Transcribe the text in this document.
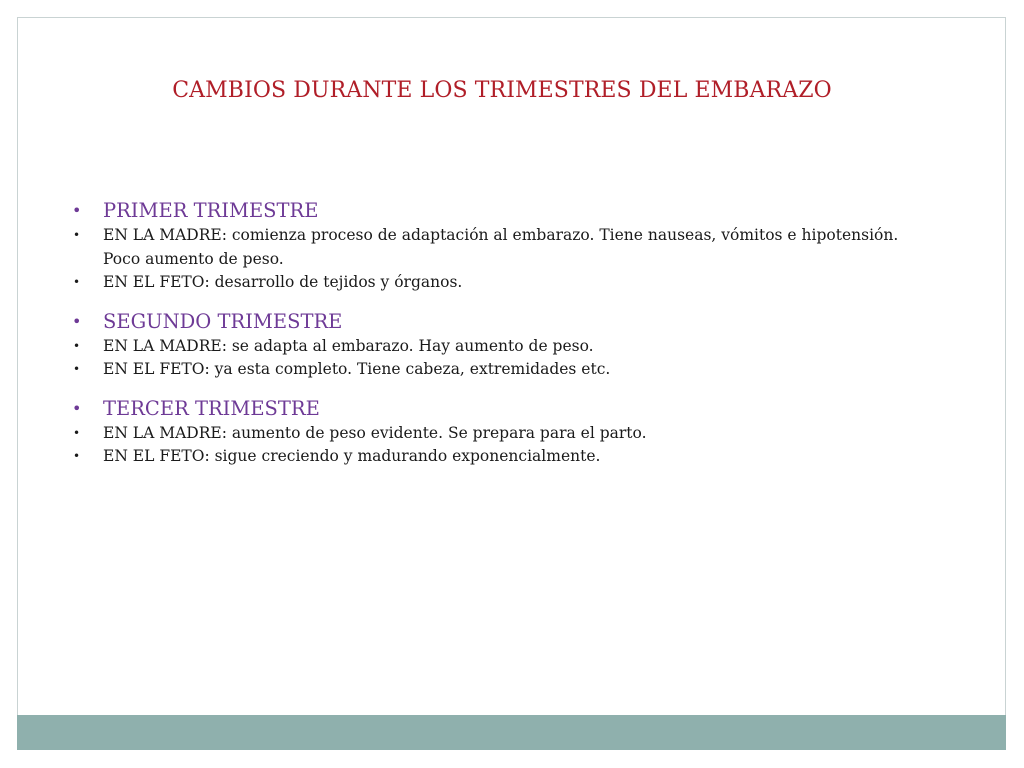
CAMBIOS DURANTE LOS TRIMESTRES DEL EMBARAZO
• PRIMER TRIMESTRE
• EN LA MADRE: comienza proceso de adaptación al embarazo. Tiene nauseas, vómitos e hipotensión. Poco aumento de peso.
• EN EL FETO: desarrollo de tejidos y órganos.
• SEGUNDO TRIMESTRE
• EN LA MADRE: se adapta al embarazo. Hay aumento de peso.
• EN EL FETO: ya esta completo. Tiene cabeza, extremidades etc.
• TERCER TRIMESTRE
• EN LA MADRE: aumento de peso evidente. Se prepara para el parto.
• EN EL FETO: sigue creciendo y madurando exponencialmente.
